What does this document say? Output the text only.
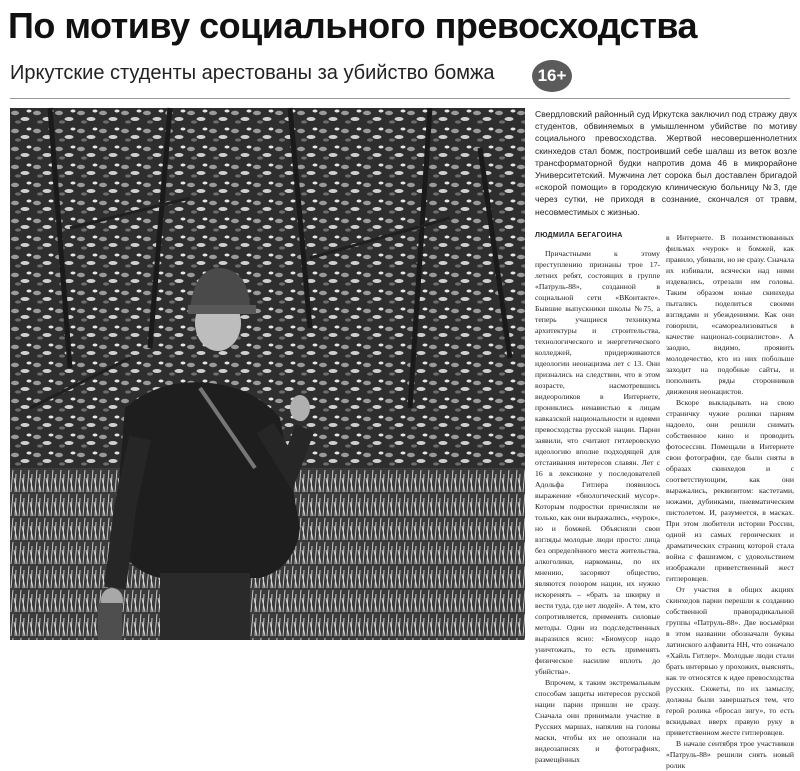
По мотиву социального превосходства
Иркутские студенты арестованы за убийство бомжа	16+
Свердловский районный суд Иркутска заключил под стражу двух студентов, обвиняемых в умышленном убийстве по мотиву социального превосходства. Жертвой несовершеннолетних скинхедов стал бомж, построивший себе шалаш из веток возле трансформаторной будки напротив дома 46 в микрорайоне Университетский. Мужчина лет сорока был доставлен бригадой «скорой помощи» в городскую клиническую больницу №3, где через сутки, не приходя в сознание, скончался от травм, несовместимых с жизнью.
ЛЮДМИЛА БЕГАГОИНА

Причастными к этому преступлению признаны трое 17-летних ребят, состоящих в группе «Патруль-88», созданной в социальной сети «ВКонтакте». Бывшие выпускники школы №75, а теперь учащиеся техникума архитектуры и строительства, технологического и энергетического колледжей, придерживаются идеологии неонацизма лет с 13. Они признались на следствии, что в этом возрасте, насмотревшись видеороликов в Интернете, прониклись ненавистью к лицам кавказской национальности и идеями превосходства русской нации. Парни заявили, что считают гитлеровскую идеологию вполне подходящей для отстаивания интересов славян. Лет с 16 в лексиконе у последователей Адольфа Гитлера появилось выражение «биологический мусор». Которым подростки причисляли не только, как они выражались, «чурок», но и бомжей. Объясняли свои взгляды молодые люди просто: лица без определённого места жительства, алкоголики, наркоманы, по их мнению, засоряют общество, являются позором нации, их нужно искоренять – «брать за шкирку и вести туда, где нет людей». А тем, кто сопротивляется, применять силовые методы. Один из подследственных выразился ясно: «Биомусор надо уничтожать, то есть применять физическое насилие вплоть до убийства».

Впрочем, к таким экстремальным способам защиты интересов русской нации парни пришли не сразу. Сначала они принимали участие в Русских маршах, напялив на головы маски, чтобы их не опознали на видеозаписях и фотографиях, размещённых

в Интернете. В позаимствованных фильмах «чурок» и бомжей, как правило, убивали, но не сразу. Сначала их избивали, всячески над ними издевались, отрезали им головы. Таким образом юные скинхеды пытались поделиться своими взглядами и убеждениями. Как они говорили, «самореализоваться в качестве национал-социалистов». А заодно, видимо, проявить молодечество, кто из них побольше заходит на подобные сайты, и пополнить ряды сторонников движения неонацистов.

Вскоре выкладывать на свою страничку чужие ролики парням надоело, они решили снимать собственное кино и проводить фотосессии. Помещали в Интернете свои фотографии, где были сняты в образах скинхедов и с соответствующим, как они выражались, реквизитом: кастетами, ножами, дубинками, пневматическим пистолетом. И, разумеется, в масках. При этом любители истории России, одной из самых героических и драматических страниц которой стала война с фашизмом, с удовольствием изображали приветственный жест гитлеровцев.

От участия в общих акциях скинхедов парни перешли к созданию собственной праворадикальной группы «Патруль-88». Две восьмёрки в этом названии обозначали буквы латинского алфавита HH, что означало «Хайль Гитлер». Молодые люди стали брать интервью у прохожих, выяснять, как те относятся к идее превосходства русских. Сюжеты, по их замыслу, должны были завершаться тем, что герой ролика «бросал зигу», то есть вскидывал вверх правую руку в приветственном жесте гитлеровцев.

В начале сентября трое участников «Патруль-88» решили снять новый ролик
